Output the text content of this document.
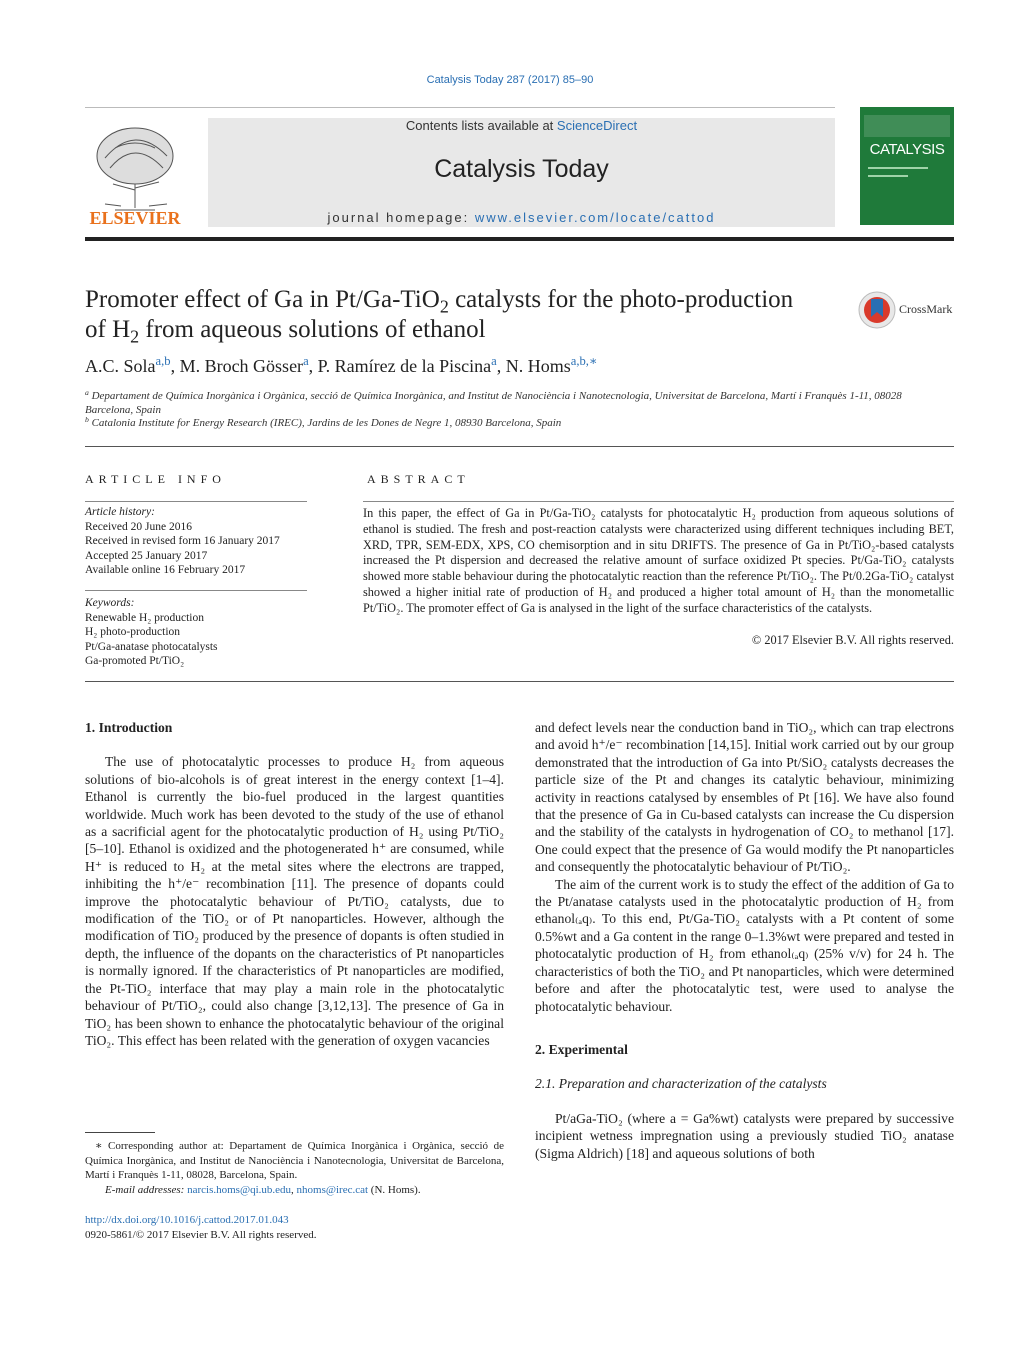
Catalysis Today 287 (2017) 85–90
ELSEVIER
Contents lists available at ScienceDirect
Catalysis Today
journal homepage: www.elsevier.com/locate/cattod
CATALYSIS
Promoter effect of Ga in Pt/Ga-TiO$_2$ catalysts for the photo-production
of $H_2$ from aqueous solutions of ethanol
CrossMark
A.C. Sola$^{a,b}$, M. Broch Gösser$^a$, P. Ramírez de la Piscina$^a$, N. Homs$^{a,b,∗}$
$^a$ Departament de Química Inorgànica i Orgànica, secció de Química Inorgànica, and Institut de Nanociència i Nanotecnologia, Universitat de Barcelona, Martí i Franquès 1-11, 08028 Barcelona, Spain
$^b$ Catalonia Institute for Energy Research (IREC), Jardins de les Dones de Negre 1, 08930 Barcelona, Spain
ARTICLE INFO	ABSTRACT
Article history:
Received 20 June 2016
Received in revised form 16 January 2017
Accepted 25 January 2017
Available online 16 February 2017
Keywords:
Renewable H₂ production
H₂ photo-production
Pt/Ga-anatase photocatalysts
Ga-promoted Pt/TiO₂
In this paper, the effect of Ga in Pt/Ga-TiO₂ catalysts for photocatalytic H₂ production from aqueous solutions of ethanol is studied. The fresh and post-reaction catalysts were characterized using different techniques including BET, XRD, TPR, SEM-EDX, XPS, CO chemisorption and in situ DRIFTS. The presence of Ga in Pt/TiO₂-based catalysts increased the Pt dispersion and decreased the relative amount of surface oxidized Pt species. Pt/Ga-TiO₂ catalysts showed more stable behaviour during the photocatalytic reaction than the reference Pt/TiO₂. The Pt/0.2Ga-TiO₂ catalyst showed a higher initial rate of production of H₂ and produced a higher total amount of H₂ than the monometallic Pt/TiO₂. The promoter effect of Ga is analysed in the light of the surface characteristics of the catalysts.
© 2017 Elsevier B.V. All rights reserved.

1. Introduction

The use of photocatalytic processes to produce H₂ from aqueous solutions of bio-alcohols is of great interest in the energy context [1–4]. Ethanol is currently the bio-fuel produced in the largest quantities worldwide. Much work has been devoted to the study of the use of ethanol as a sacrificial agent for the photocatalytic production of H₂ using Pt/TiO₂ [5–10]. Ethanol is oxidized and the photogenerated h⁺ are consumed, while H⁺ is reduced to H₂ at the metal sites where the electrons are trapped, inhibiting the h⁺/e⁻ recombination [11]. The presence of dopants could improve the photocatalytic behaviour of Pt/TiO₂ catalysts, due to modification of the TiO₂ or of Pt nanoparticles. However, although the modification of TiO₂ produced by the presence of dopants is often studied in depth, the influence of the dopants on the characteristics of Pt nanoparticles is normally ignored. If the characteristics of Pt nanoparticles are modified, the Pt-TiO₂ interface that may play a main role in the photocatalytic behaviour of Pt/TiO₂, could also change [3,12,13]. The presence of Ga in TiO₂ has been shown to enhance the photocatalytic behaviour of the original TiO₂. This effect has been related with the generation of oxygen vacancies

and defect levels near the conduction band in TiO₂, which can trap electrons and avoid h⁺/e⁻ recombination [14,15]. Initial work carried out by our group demonstrated that the introduction of Ga into Pt/SiO₂ catalysts decreases the particle size of the Pt and changes its catalytic behaviour, minimizing activity in reactions catalysed by ensembles of Pt [16]. We have also found that the presence of Ga in Cu-based catalysts can increase the Cu dispersion and the stability of the catalysts in hydrogenation of CO₂ to methanol [17]. One could expect that the presence of Ga would modify the Pt nanoparticles and consequently the photocatalytic behaviour of Pt/TiO₂.

The aim of the current work is to study the effect of the addition of Ga to the Pt/anatase catalysts used in the photocatalytic production of H₂ from ethanol₍ₐq₎. To this end, Pt/Ga-TiO₂ catalysts with a Pt content of some 0.5%wt and a Ga content in the range 0–1.3%wt were prepared and tested in photocatalytic production of H₂ from ethanol₍ₐq₎ (25% v/v) for 24 h. The characteristics of both the TiO₂ and Pt nanoparticles, which were determined before and after the photocatalytic test, were used to analyse the photocatalytic behaviour.

2. Experimental

2.1. Preparation and characterization of the catalysts

Pt/aGa-TiO₂ (where a = Ga%wt) catalysts were prepared by successive incipient wetness impregnation using a previously studied TiO₂ anatase (Sigma Aldrich) [18] and aqueous solutions of both

∗ Corresponding author at: Departament de Química Inorgànica i Orgànica, secció de Química Inorgànica, and Institut de Nanociència i Nanotecnologia, Universitat de Barcelona, Martí i Franquès 1-11, 08028, Barcelona, Spain.

E-mail addresses: narcis.homs@qi.ub.edu, nhoms@irec.cat (N. Homs).

http://dx.doi.org/10.1016/j.cattod.2017.01.043
0920-5861/© 2017 Elsevier B.V. All rights reserved.
